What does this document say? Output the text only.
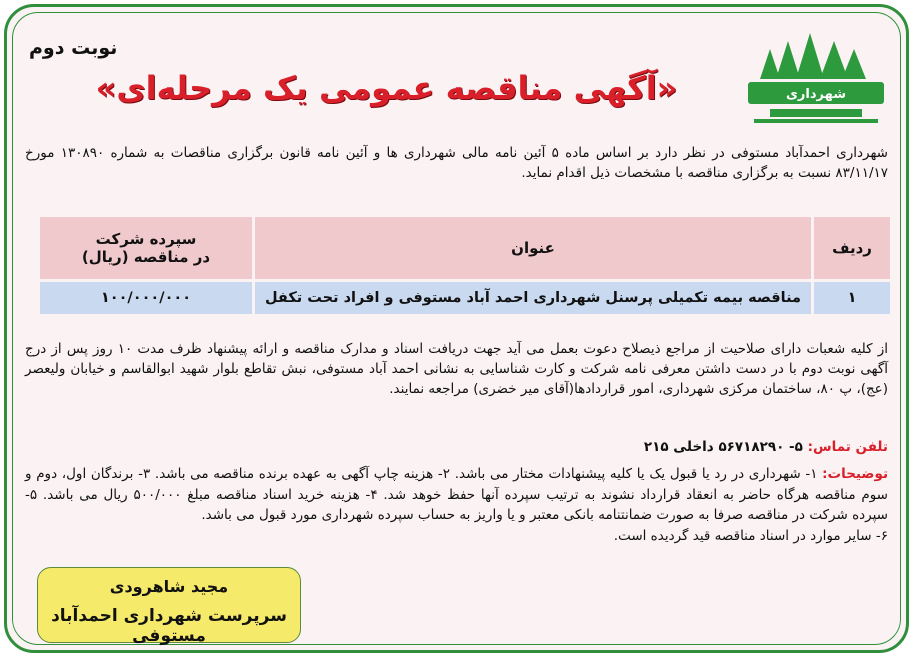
شهرداری
نوبت دوم
«آگهی مناقصه عمومی یک مرحله‌ای»
شهرداری احمدآباد مستوفی در نظر دارد بر اساس ماده ۵ آئین نامه مالی شهرداری ها و آئین نامه قانون برگزاری مناقصات به شماره ۱۳۰۸۹۰ مورخ ۸۳/۱۱/۱۷ نسبت به برگزاری مناقصه با مشخصات ذیل اقدام نماید.
ردیف	عنوان	سپرده شرکت
در مناقصه (ریال)

۱	مناقصه بیمه تکمیلی پرسنل شهرداری احمد آباد مستوفی و افراد تحت تکفل	۱۰۰/۰۰۰/۰۰۰
از کلیه شعبات دارای صلاحیت از مراجع ذیصلاح دعوت بعمل می آید جهت دریافت اسناد و مدارک مناقصه و ارائه پیشنهاد ظرف مدت ۱۰ روز پس از درج آگهی نوبت دوم با در دست داشتن معرفی نامه شرکت و کارت شناسایی به نشانی احمد آباد مستوفی، نبش تقاطع بلوار شهید ابوالقاسم و خیابان ولیعصر (عج)، پ ۸۰، ساختمان مرکزی شهرداری، امور قراردادها(آقای میر خضری) مراجعه نمایند.
تلفن تماس: ۵- ۵۶۷۱۸۲۹۰ داخلی ۲۱۵
توضیحات: ۱- شهرداری در رد یا قبول یک یا کلیه پیشنهادات مختار می باشد. ۲- هزینه چاپ آگهی به عهده برنده مناقصه می باشد. ۳- برندگان اول، دوم و سوم مناقصه هرگاه حاضر به انعقاد قرارداد نشوند به ترتیب سپرده آنها حفظ خوهد شد. ۴- هزینه خرید اسناد مناقصه مبلغ ۵۰۰/۰۰۰ ریال می باشد. ۵- سپرده شرکت در مناقصه صرفا به صورت ضمانتنامه بانکی معتبر و یا واریز به حساب سپرده شهرداری مورد قبول می باشد.
۶- سایر موارد در اسناد مناقصه قید گردیده است.
مجید شاهرودی
سرپرست شهرداری احمدآباد مستوفی
